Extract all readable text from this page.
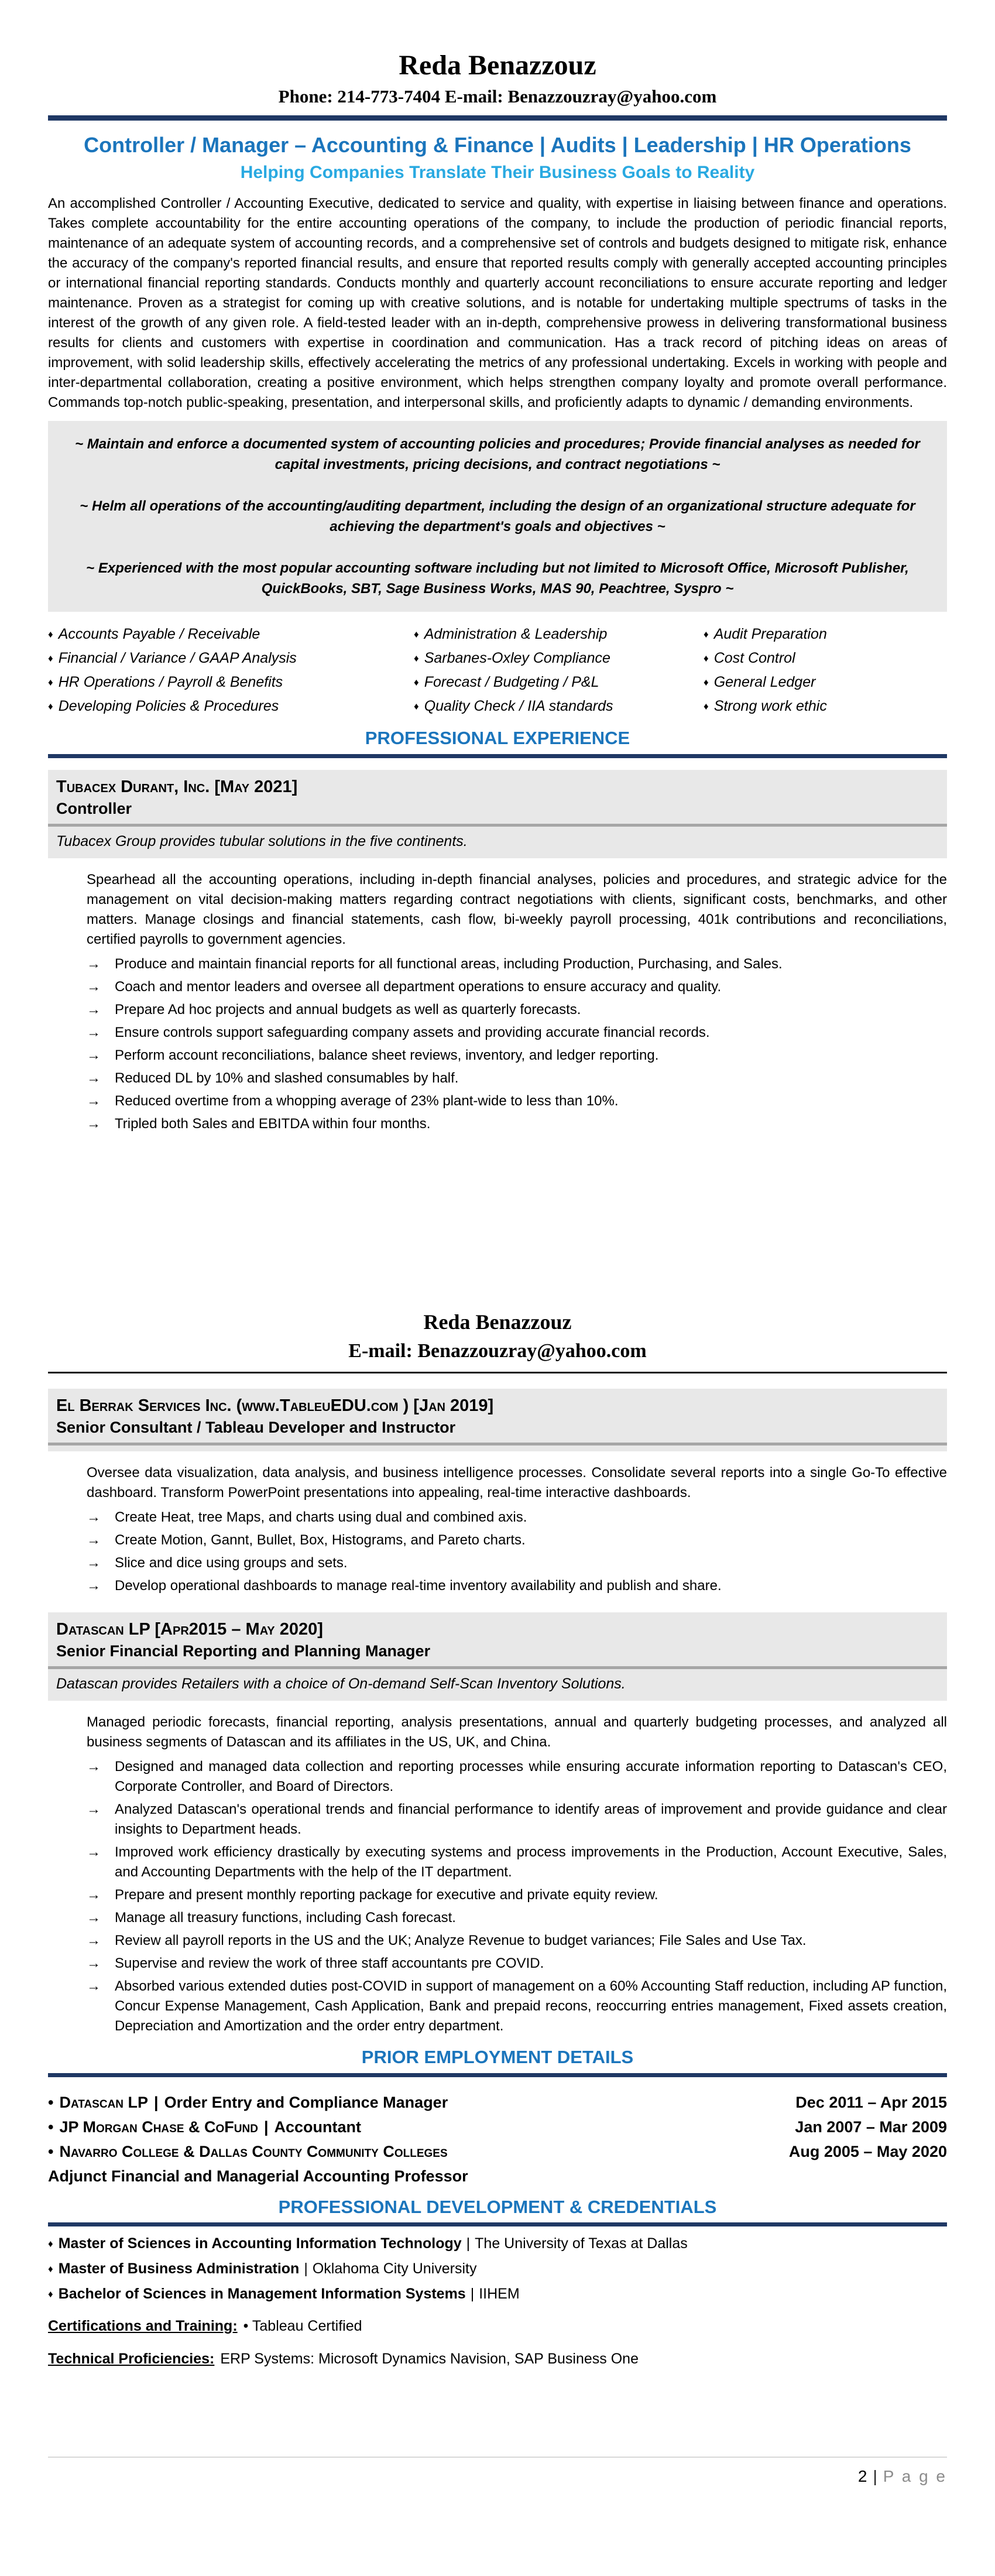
Reda Benazzouz
Phone: 214-773-7404 E-mail: Benazzouzray@yahoo.com
Controller / Manager – Accounting & Finance | Audits | Leadership | HR Operations
Helping Companies Translate Their Business Goals to Reality
An accomplished Controller / Accounting Executive, dedicated to service and quality, with expertise in liaising between finance and operations. Takes complete accountability for the entire accounting operations of the company, to include the production of periodic financial reports, maintenance of an adequate system of accounting records, and a comprehensive set of controls and budgets designed to mitigate risk, enhance the accuracy of the company's reported financial results, and ensure that reported results comply with generally accepted accounting principles or international financial reporting standards. Conducts monthly and quarterly account reconciliations to ensure accurate reporting and ledger maintenance. Proven as a strategist for coming up with creative solutions, and is notable for undertaking multiple spectrums of tasks in the interest of the growth of any given role. A field-tested leader with an in-depth, comprehensive prowess in delivering transformational business results for clients and customers with expertise in coordination and communication. Has a track record of pitching ideas on areas of improvement, with solid leadership skills, effectively accelerating the metrics of any professional undertaking. Excels in working with people and inter-departmental collaboration, creating a positive environment, which helps strengthen company loyalty and promote overall performance. Commands top-notch public-speaking, presentation, and interpersonal skills, and proficiently adapts to dynamic / demanding environments.
~ Maintain and enforce a documented system of accounting policies and procedures; Provide financial analyses as needed for capital investments, pricing decisions, and contract negotiations ~
~ Helm all operations of the accounting/auditing department, including the design of an organizational structure adequate for achieving the department's goals and objectives ~
~ Experienced with the most popular accounting software including but not limited to Microsoft Office, Microsoft Publisher, QuickBooks, SBT, Sage Business Works, MAS 90, Peachtree, Syspro ~
♦ Accounts Payable / Receivable
♦ Financial / Variance / GAAP Analysis
♦ HR Operations / Payroll & Benefits
♦ Developing Policies & Procedures
♦ Administration & Leadership
♦ Sarbanes-Oxley Compliance
♦ Forecast / Budgeting / P&L
♦ Quality Check / IIA standards
♦ Audit Preparation
♦ Cost Control
♦ General Ledger
♦ Strong work ethic
PROFESSIONAL EXPERIENCE
Tubacex Durant, Inc. [May 2021]
Controller
Tubacex Group provides tubular solutions in the five continents.
Spearhead all the accounting operations, including in-depth financial analyses, policies and procedures, and strategic advice for the management on vital decision-making matters regarding contract negotiations with clients, significant costs, benchmarks, and other matters. Manage closings and financial statements, cash flow, bi-weekly payroll processing, 401k contributions and reconciliations, certified payrolls to government agencies.
→	Produce and maintain financial reports for all functional areas, including Production, Purchasing, and Sales.
→	Coach and mentor leaders and oversee all department operations to ensure accuracy and quality.
→	Prepare Ad hoc projects and annual budgets as well as quarterly forecasts.
→	Ensure controls support safeguarding company assets and providing accurate financial records.
→	Perform account reconciliations, balance sheet reviews, inventory, and ledger reporting.
→	Reduced DL by 10% and slashed consumables by half.
→	Reduced overtime from a whopping average of 23% plant-wide to less than 10%.
→	Tripled both Sales and EBITDA within four months.
Reda Benazzouz
E-mail: Benazzouzray@yahoo.com
El Berrak Services Inc. (www.TableuEDU.com ) [Jan 2019]
Senior Consultant / Tableau Developer and Instructor
Oversee data visualization, data analysis, and business intelligence processes. Consolidate several reports into a single Go-To effective dashboard. Transform PowerPoint presentations into appealing, real-time interactive dashboards.
→	Create Heat, tree Maps, and charts using dual and combined axis.
→	Create Motion, Gannt, Bullet, Box, Histograms, and Pareto charts.
→	Slice and dice using groups and sets.
→	Develop operational dashboards to manage real-time inventory availability and publish and share.
Datascan LP [Apr2015 – May 2020]
Senior Financial Reporting and Planning Manager
Datascan provides Retailers with a choice of On-demand Self-Scan Inventory Solutions.
Managed periodic forecasts, financial reporting, analysis presentations, annual and quarterly budgeting processes, and analyzed all business segments of Datascan and its affiliates in the US, UK, and China.
→	Designed and managed data collection and reporting processes while ensuring accurate information reporting to Datascan's CEO, Corporate Controller, and Board of Directors.
→	Analyzed Datascan's operational trends and financial performance to identify areas of improvement and provide guidance and clear insights to Department heads.
→	Improved work efficiency drastically by executing systems and process improvements in the Production, Account Executive, Sales, and Accounting Departments with the help of the IT department.
→	Prepare and present monthly reporting package for executive and private equity review.
→	Manage all treasury functions, including Cash forecast.
→	Review all payroll reports in the US and the UK; Analyze Revenue to budget variances; File Sales and Use Tax.
→	Supervise and review the work of three staff accountants pre COVID.
→	Absorbed various extended duties post-COVID in support of management on a 60% Accounting Staff reduction, including AP function, Concur Expense Management, Cash Application, Bank and prepaid recons, reoccurring entries management, Fixed assets creation, Depreciation and Amortization and the order entry department.
PRIOR EMPLOYMENT DETAILS
• Datascan LP | Order Entry and Compliance Manager	Dec 2011 – Apr 2015
• JP Morgan Chase & CoFund | Accountant	Jan 2007 – Mar 2009
• Navarro College & Dallas County Community Colleges	Aug 2005 – May 2020
Adjunct Financial and Managerial Accounting Professor
PROFESSIONAL DEVELOPMENT & CREDENTIALS
♦ Master of Sciences in Accounting Information Technology | The University of Texas at Dallas
♦ Master of Business Administration | Oklahoma City University
♦ Bachelor of Sciences in Management Information Systems | IIHEM
Certifications and Training: • Tableau Certified
Technical Proficiencies: ERP Systems: Microsoft Dynamics Navision, SAP Business One
2 | P a g e
